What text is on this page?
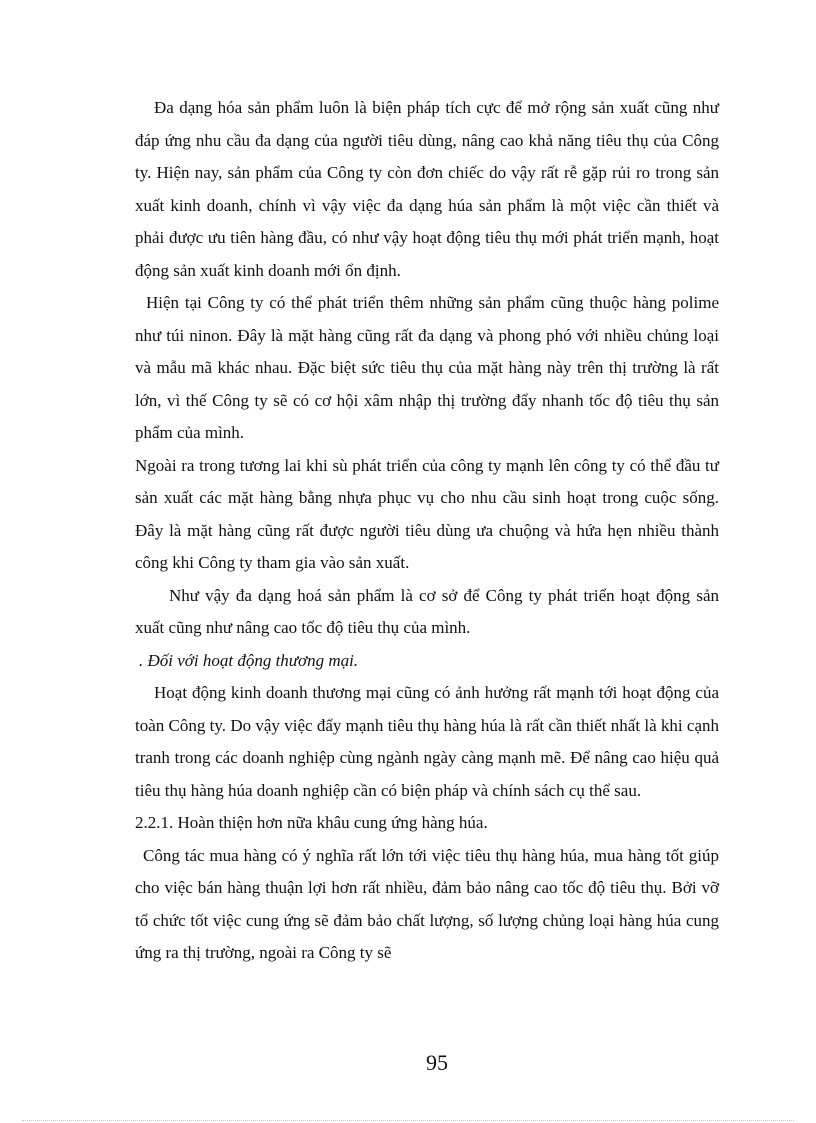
Đa dạng hóa sản phẩm luôn là biện pháp tích cực để mở rộng sản xuất cũng như đáp ứng nhu cầu đa dạng của người tiêu dùng, nâng cao khả năng tiêu thụ của Công ty. Hiện nay, sản phẩm của Công ty còn đơn chiếc do vậy rất rễ gặp rủi ro trong sản xuất kinh doanh, chính vì vậy việc đa dạng húa sản phẩm là một việc cần thiết và phải được ưu tiên hàng đầu, có như vậy hoạt động tiêu thụ mới phát triển mạnh, hoạt động sản xuất kinh doanh mới ổn định.

Hiện tại Công ty có thể phát triển thêm những sản phẩm cũng thuộc hàng polime như túi ninon. Đây là mặt hàng cũng rất đa dạng và phong phó với nhiều chủng loại và mẫu mã khác nhau. Đặc biệt sức tiêu thụ của mặt hàng này trên thị trường là rất lớn, vì thế Công ty sẽ có cơ hội xâm nhập thị trường đẩy nhanh tốc độ tiêu thụ sản phẩm của mình.

Ngoài ra trong tương lai khi sù phát triển của công ty mạnh lên công ty có thể đầu tư sản xuất các mặt hàng bằng nhựa phục vụ cho nhu cầu sinh hoạt trong cuộc sống. Đây là mặt hàng cũng rất được người tiêu dùng ưa chuộng và hứa hẹn nhiều thành công khi Công ty tham gia vào sản xuất.

Như vậy đa dạng hoá sản phẩm là cơ sở để Công ty phát triển hoạt động sản xuất cũng như nâng cao tốc độ tiêu thụ của mình.

. Đối với hoạt động thương mại.

Hoạt động kinh doanh thương mại cũng có ảnh hưởng rất mạnh tới hoạt động của toàn Công ty. Do vậy việc đẩy mạnh tiêu thụ hàng húa là rất cần thiết nhất là khi cạnh tranh trong các doanh nghiệp cùng ngành ngày càng mạnh mẽ. Để nâng cao hiệu quả tiêu thụ hàng húa doanh nghiệp cần có biện pháp và chính sách cụ thể sau.

2.2.1. Hoàn thiện hơn nữa khâu cung ứng hàng húa.

Công tác mua hàng có ý nghĩa rất lớn tới việc tiêu thụ hàng húa, mua hàng tốt giúp cho việc bán hàng thuận lợi hơn rất nhiều, đảm bảo nâng cao tốc độ tiêu thụ. Bởi vỡ tổ chức tốt việc cung ứng sẽ đảm bảo chất lượng, số lượng chủng loại hàng húa cung ứng ra thị trường, ngoài ra Công ty sẽ

95
